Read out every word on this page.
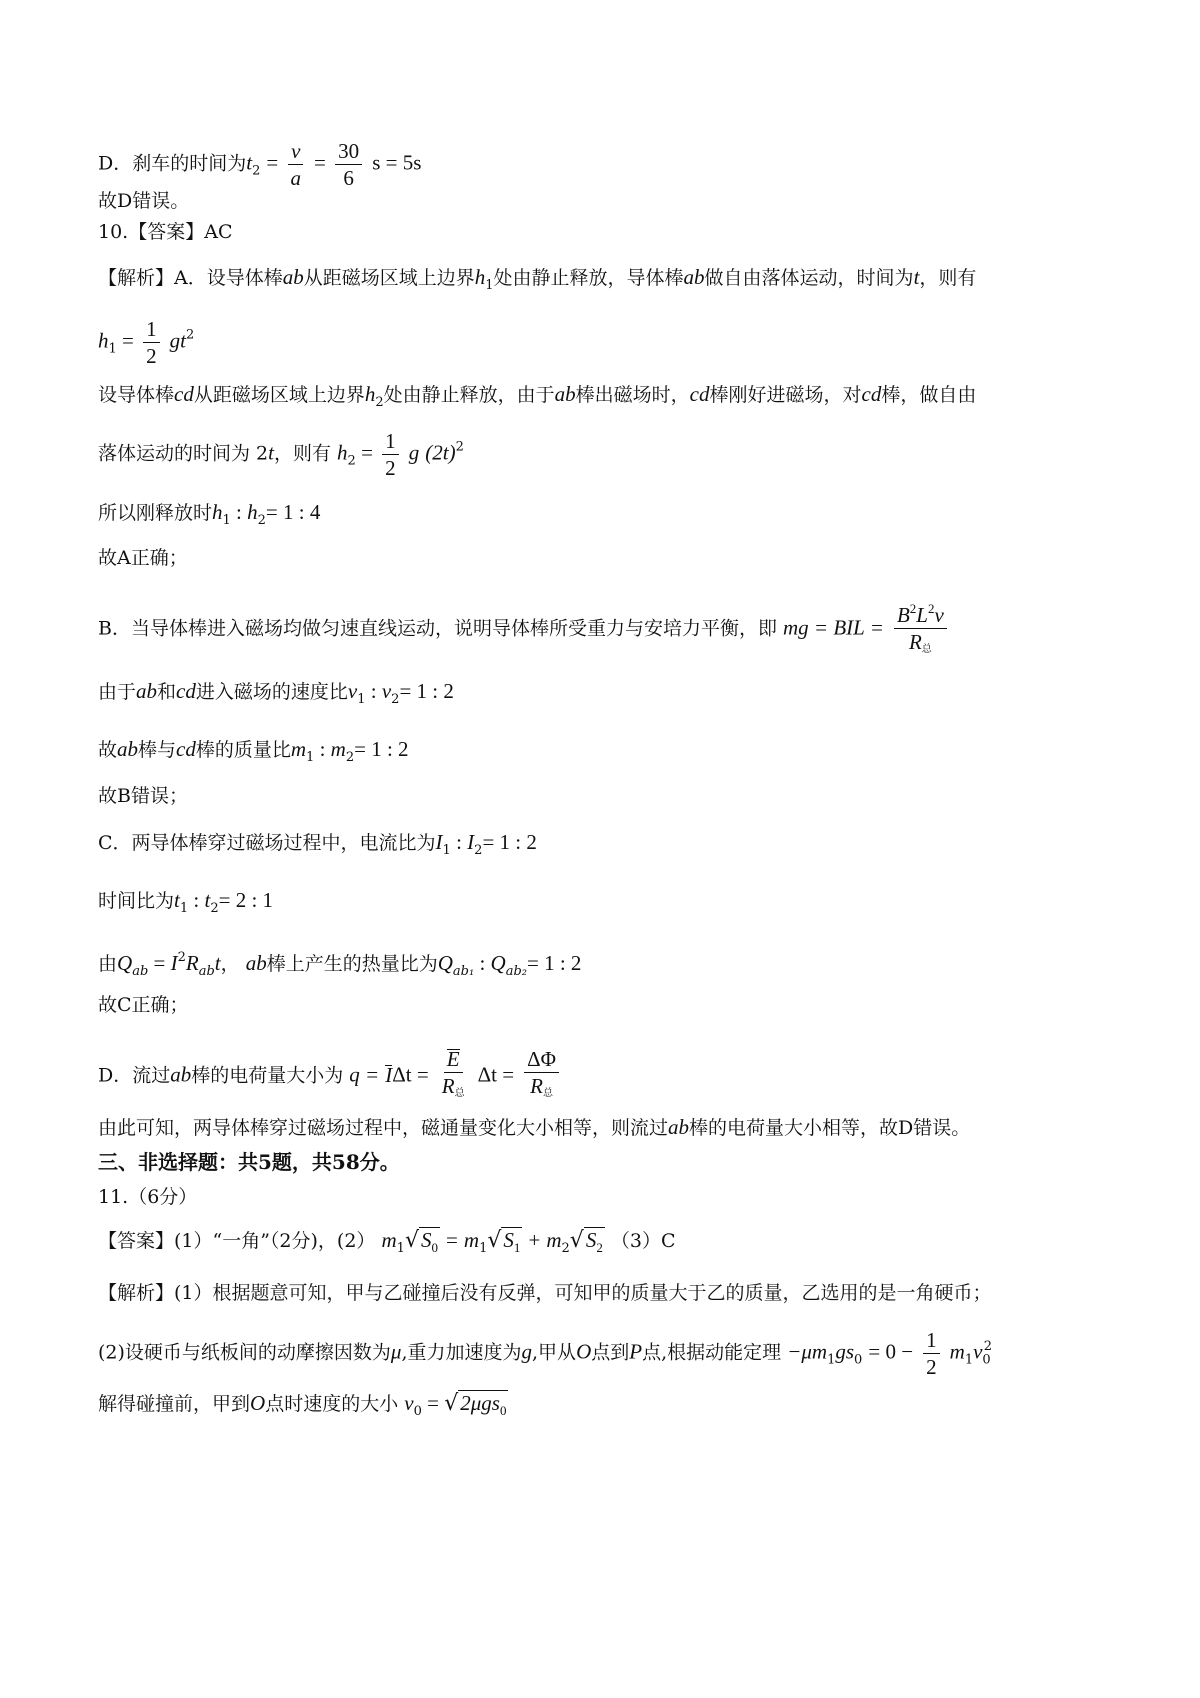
D．刹车的时间为$t_2 = \frac{v}{a} = \frac{30}{6}$ s = 5s
故D错误。
10.【答案】AC
【解析】A．设导体棒ab从距磁场区域上边界$h_1$处由静止释放，导体棒ab做自由落体运动，时间为t，则有
$h_1 = \frac{1}{2} gt^2$
设导体棒cd从距磁场区域上边界$h_2$处由静止释放，由于ab棒出磁场时，cd棒刚好进磁场，对cd棒，做自由
落体运动的时间为 2t，则有 $h_2 = \frac{1}{2}$ g $(2t)^2$
所以刚释放时$h_1$ : $h_2= 1$ : 4
故A正确；
B．当导体棒进入磁场均做匀速直线运动，说明导体棒所受重力与安培力平衡，即 mg = BIL = $\frac{B^2L^2v}{\text{R总}}$
由于ab和cd进入磁场的速度比$v_1$ : $v_2= 1$ : 2
故ab棒与cd棒的质量比$m_1$ : $m_2= 1$ : 2
故B错误；
C．两导体棒穿过磁场过程中，电流比为$I_1$ : $I_2= 1$ : 2
时间比为$t_1$ : $t_2= 2$ : 1
由$Q_{ab} = I^2R_{ab}t$， ab棒上产生的热量比为$Q_{ab_1}$ : $Q_{ab_2}= 1$ : 2
故C正确；
D．流过ab棒的电荷量大小为 $q = I\Delta t = \frac{E}{\text{R总}}$ $\Delta t = \frac{\Delta\Phi}{\text{R总}}$
由此可知，两导体棒穿过磁场过程中，磁通量变化大小相等，则流过ab棒的电荷量大小相等，故D错误。
三、非选择题：共5题，共58分。
11.（6分）
【答案】(1）“一角”（2分)，(2） $m_1√S_0 = m_1√S_1 + m_2√S_2$ （3）C
【解析】(1）根据题意可知，甲与乙碰撞后没有反弹，可知甲的质量大于乙的质量，乙选用的是一角硬币；
(2)设硬币与纸板间的动摩擦因数为μ,重力加速度为g,甲从O点到P点,根据动能定理 $-\mu m_1gs_0 = 0 - \frac{1}{2} m_1v_0^2$
解得碰撞前，甲到O点时速度的大小 $v_0 = √2\mu gs_0$
